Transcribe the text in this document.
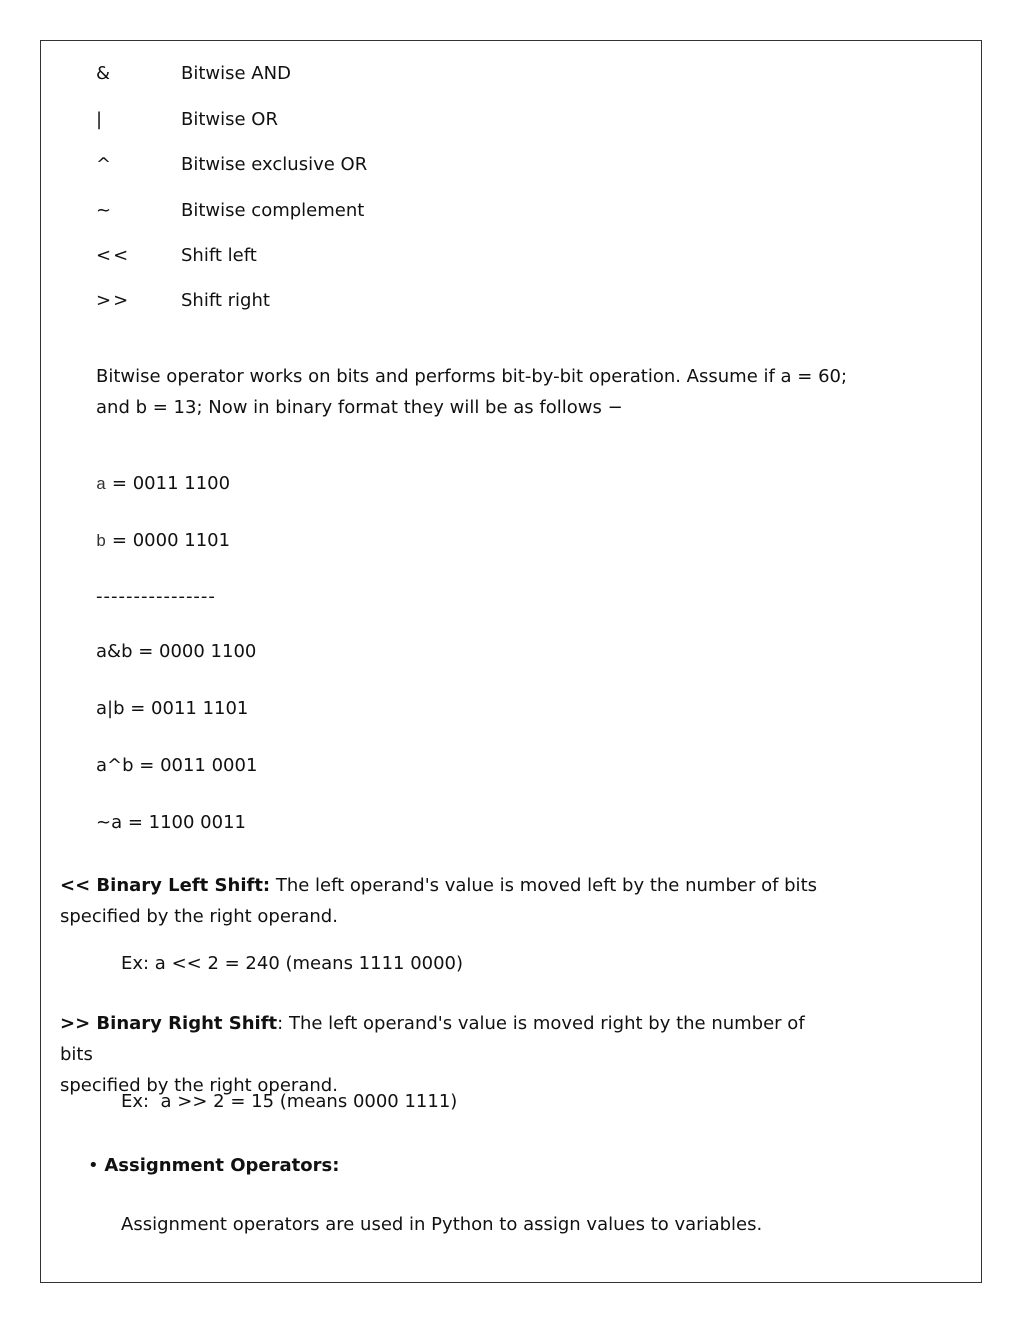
&	Bitwise AND
|	Bitwise OR
^	Bitwise exclusive OR
~	Bitwise complement
<<	Shift left
>>	Shift right
Bitwise operator works on bits and performs bit-by-bit operation. Assume if a = 60;
and b = 13; Now in binary format they will be as follows −
a = 0011 1100
b = 0000 1101
----------------
a&b = 0000 1100
a|b = 0011 1101
a^b = 0011 0001
~a = 1100 0011
<< Binary Left Shift: The left operand's value is moved left by the number of bits
specified by the right operand.
Ex: a << 2 = 240 (means 1111 0000)
>> Binary Right Shift: The left operand's value is moved right by the number of bits
specified by the right operand.
Ex:  a >> 2 = 15 (means 0000 1111)
• Assignment Operators:
Assignment operators are used in Python to assign values to variables.
